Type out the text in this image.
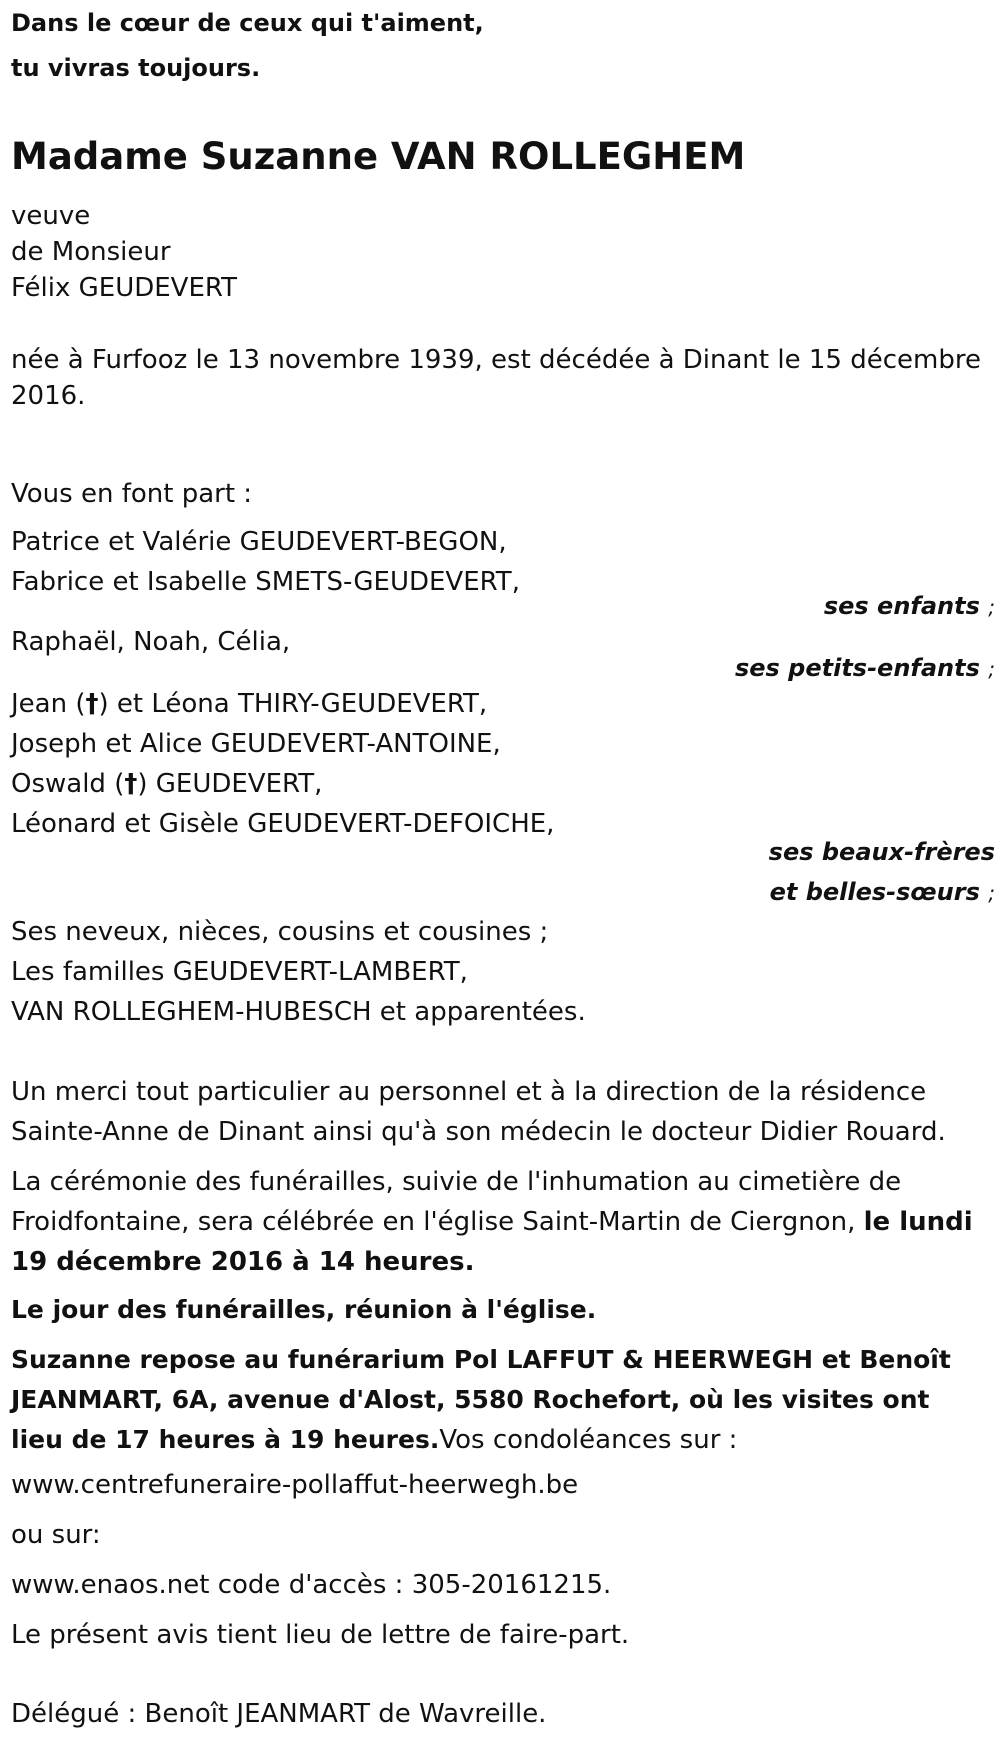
Dans le cœur de ceux qui t'aiment,

tu vivras toujours.

Madame Suzanne VAN ROLLEGHEM

veuve

de Monsieur

Félix GEUDEVERT

née à Furfooz le 13 novembre 1939, est décédée à Dinant le 15 décembre 2016.

Vous en font part :

Patrice et Valérie GEUDEVERT-BEGON,

Fabrice et Isabelle SMETS-GEUDEVERT,

ses enfants ;

Raphaël, Noah, Célia,

ses petits-enfants ;

Jean (†) et Léona THIRY-GEUDEVERT,

Joseph et Alice GEUDEVERT-ANTOINE,

Oswald (†) GEUDEVERT,

Léonard et Gisèle GEUDEVERT-DEFOICHE,

ses beaux-frères
et belles-sœurs ;

Ses neveux, nièces, cousins et cousines ;

Les familles GEUDEVERT-LAMBERT,

VAN ROLLEGHEM-HUBESCH et apparentées.

Un merci tout particulier au personnel et à la direction de la résidence Sainte-Anne de Dinant ainsi qu'à son médecin le docteur Didier Rouard.

La cérémonie des funérailles, suivie de l'inhumation au cimetière de Froidfontaine, sera célébrée en l'église Saint-Martin de Ciergnon, le lundi 19 décembre 2016 à 14 heures.

Le jour des funérailles, réunion à l'église.

Suzanne repose au funérarium Pol LAFFUT & HEERWEGH et Benoît JEANMART, 6A, avenue d'Alost, 5580 Rochefort, où les visites ont lieu de 17 heures à 19 heures.Vos condoléances sur :

www.centrefuneraire-pollaffut-heerwegh.be

ou sur:

www.enaos.net code d'accès : 305-20161215.

Le présent avis tient lieu de lettre de faire-part.

Délégué : Benoît JEANMART de Wavreille.
